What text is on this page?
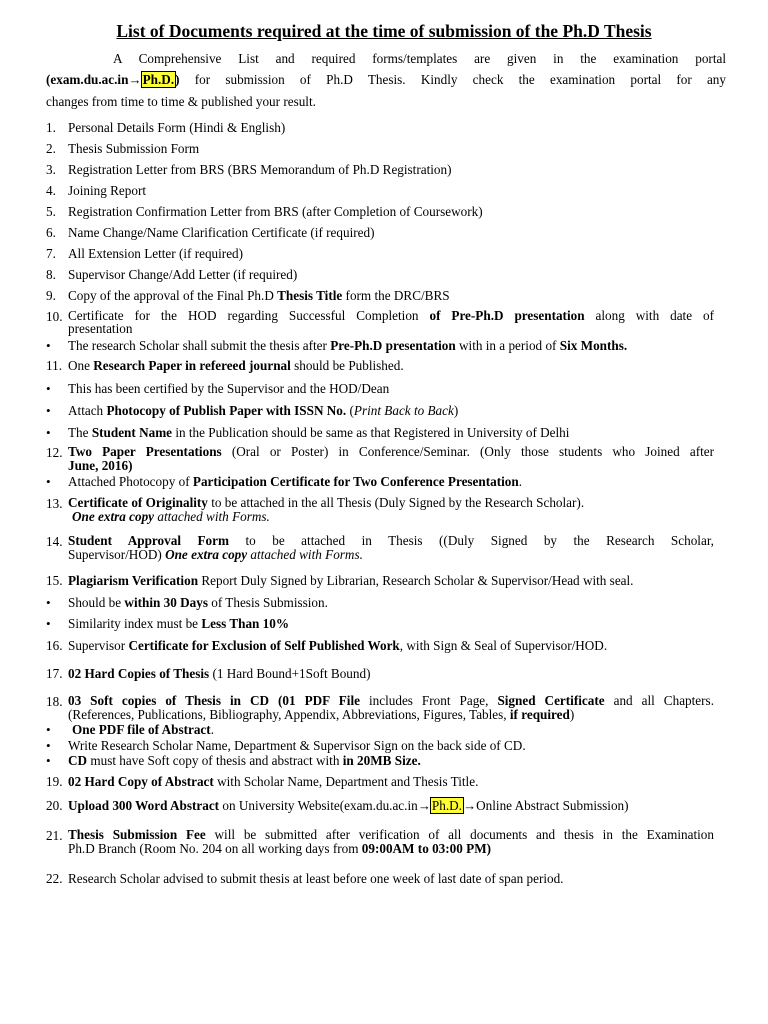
List of Documents required at the time of submission of the Ph.D Thesis
A Comprehensive List and required forms/templates are given in the examination portal
(exam.du.ac.in→Ph.D.) for submission of Ph.D Thesis. Kindly check the examination portal for any
changes from time to time & published your result.
1. Personal Details Form (Hindi & English)
2. Thesis Submission Form
3. Registration Letter from BRS (BRS Memorandum of Ph.D Registration)
4. Joining Report
5. Registration Confirmation Letter from BRS (after Completion of Coursework)
6. Name Change/Name Clarification Certificate (if required)
7. All Extension Letter (if required)
8. Supervisor Change/Add Letter (if required)
9. Copy of the approval of the Final Ph.D Thesis Title form the DRC/BRS
10. Certificate for the HOD regarding Successful Completion of Pre-Ph.D presentation along with date of
presentation
• The research Scholar shall submit the thesis after Pre-Ph.D presentation with in a period of Six Months.
11. One Research Paper in refereed journal should be Published.
• This has been certified by the Supervisor and the HOD/Dean
• Attach Photocopy of Publish Paper with ISSN No. (Print Back to Back)
• The Student Name in the Publication should be same as that Registered in University of Delhi
12. Two Paper Presentations (Oral or Poster) in Conference/Seminar. (Only those students who Joined after
June, 2016)
• Attached Photocopy of Participation Certificate for Two Conference Presentation.
13. Certificate of Originality to be attached in the all Thesis (Duly Signed by the Research Scholar).
One extra copy attached with Forms.
14. Student Approval Form to be attached in Thesis ((Duly Signed by the Research Scholar,
Supervisor/HOD) One extra copy attached with Forms.
15. Plagiarism Verification Report Duly Signed by Librarian, Research Scholar & Supervisor/Head with seal.
• Should be within 30 Days of Thesis Submission.
• Similarity index must be Less Than 10%
16. Supervisor Certificate for Exclusion of Self Published Work, with Sign & Seal of Supervisor/HOD.
17. 02 Hard Copies of Thesis (1 Hard Bound+1Soft Bound)
18. 03 Soft copies of Thesis in CD (01 PDF File includes Front Page, Signed Certificate and all Chapters.
(References, Publications, Bibliography, Appendix, Abbreviations, Figures, Tables, if required)
• One PDF file of Abstract.
• Write Research Scholar Name, Department & Supervisor Sign on the back side of CD.
• CD must have Soft copy of thesis and abstract with in 20MB Size.
19. 02 Hard Copy of Abstract with Scholar Name, Department and Thesis Title.
20. Upload 300 Word Abstract on University Website(exam.du.ac.in→Ph.D.→Online Abstract Submission)
21. Thesis Submission Fee will be submitted after verification of all documents and thesis in the Examination
Ph.D Branch (Room No. 204 on all working days from 09:00AM to 03:00 PM)
22. Research Scholar advised to submit thesis at least before one week of last date of span period.
